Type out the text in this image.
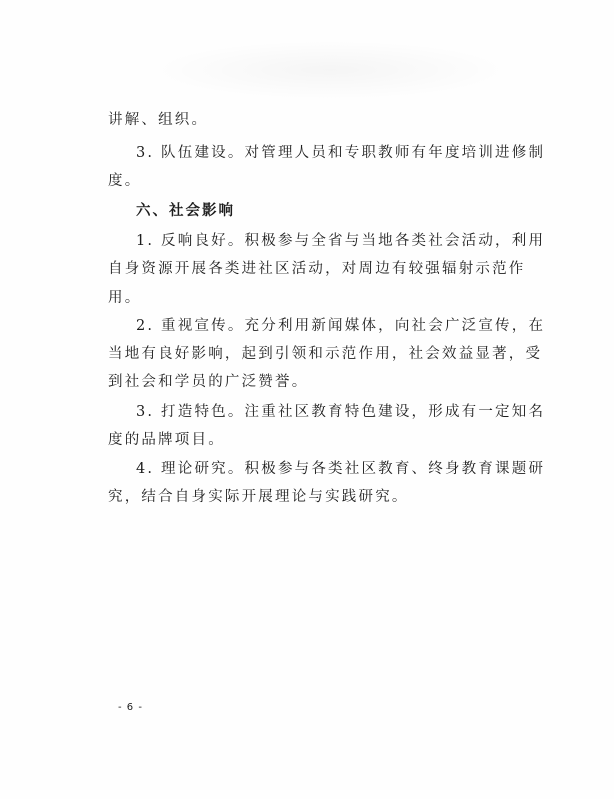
讲解、组织。
3. 队伍建设。对管理人员和专职教师有年度培训进修制
度。
六、社会影响
1. 反响良好。积极参与全省与当地各类社会活动，利用
自身资源开展各类进社区活动，对周边有较强辐射示范作
用。
2. 重视宣传。充分利用新闻媒体，向社会广泛宣传，在
当地有良好影响，起到引领和示范作用，社会效益显著，受
到社会和学员的广泛赞誉。
3. 打造特色。注重社区教育特色建设，形成有一定知名
度的品牌项目。
4. 理论研究。积极参与各类社区教育、终身教育课题研
究，结合自身实际开展理论与实践研究。
- 6 -
